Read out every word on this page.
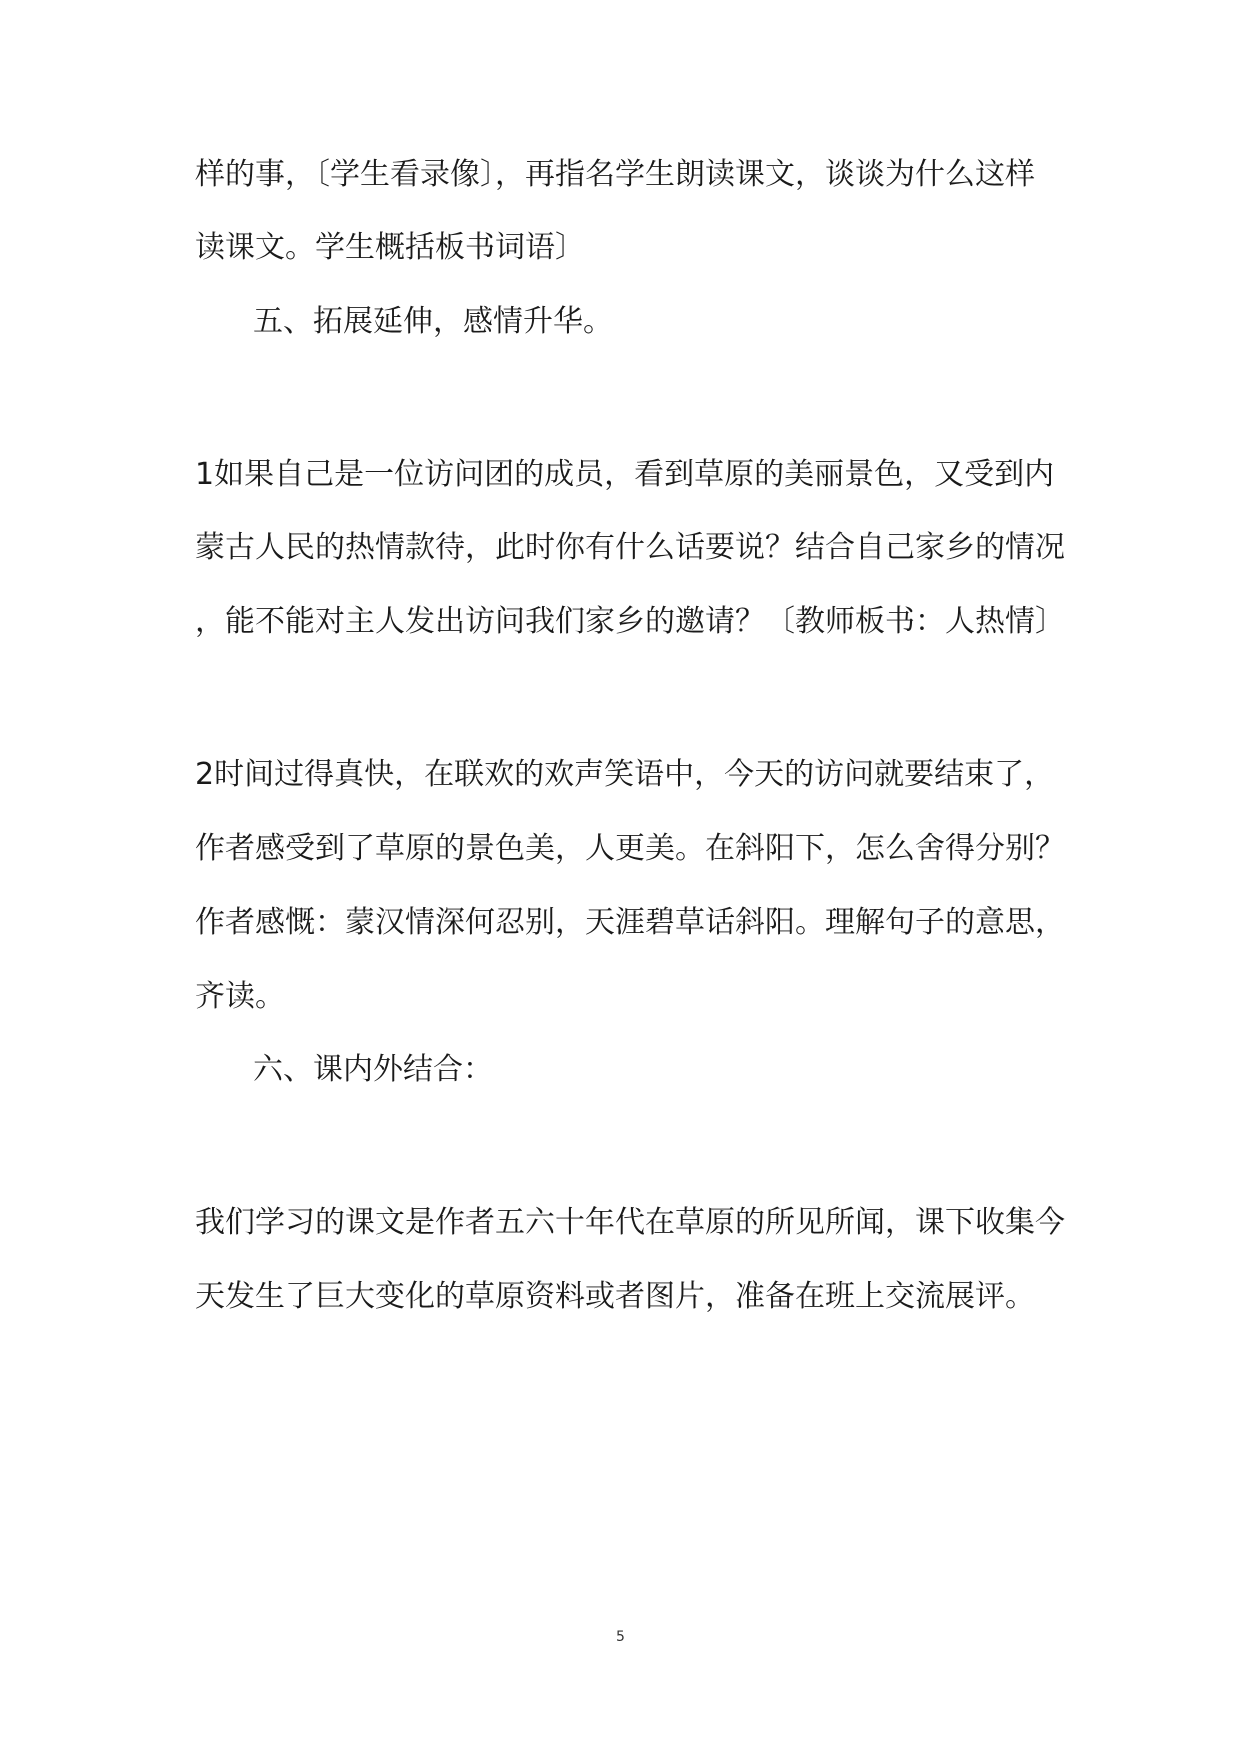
样的事，〔学生看录像〕，再指名学生朗读课文，谈谈为什么这样
读课文。学生概括板书词语〕
五、拓展延伸，感情升华。
1如果自己是一位访问团的成员，看到草原的美丽景色，又受到内
蒙古人民的热情款待，此时你有什么话要说？结合自己家乡的情况
，能不能对主人发出访问我们家乡的邀请？〔教师板书：人热情〕
2时间过得真快，在联欢的欢声笑语中，今天的访问就要结束了，
作者感受到了草原的景色美，人更美。在斜阳下，怎么舍得分别？
作者感慨：蒙汉情深何忍别，天涯碧草话斜阳。理解句子的意思，
齐读。
六、课内外结合：
我们学习的课文是作者五六十年代在草原的所见所闻，课下收集今
天发生了巨大变化的草原资料或者图片，准备在班上交流展评。
5
